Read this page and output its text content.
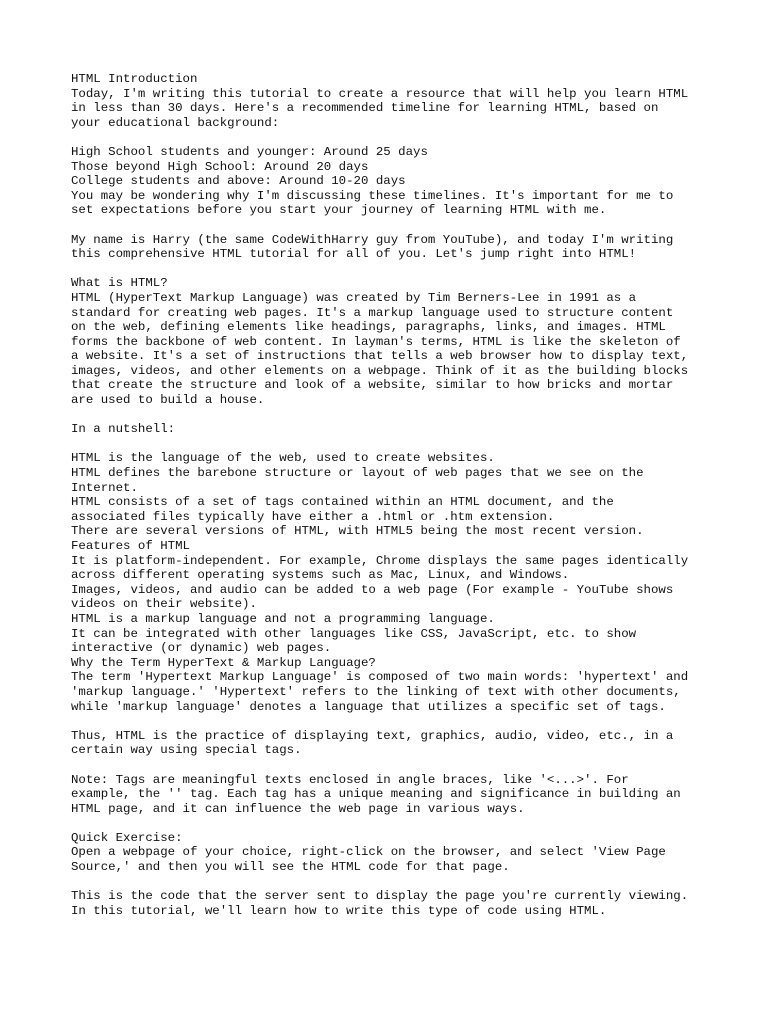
HTML Introduction
Today, I'm writing this tutorial to create a resource that will help you learn HTML
in less than 30 days. Here's a recommended timeline for learning HTML, based on
your educational background:
High School students and younger: Around 25 days
Those beyond High School: Around 20 days
College students and above: Around 10-20 days
You may be wondering why I'm discussing these timelines. It's important for me to
set expectations before you start your journey of learning HTML with me.
My name is Harry (the same CodeWithHarry guy from YouTube), and today I'm writing
this comprehensive HTML tutorial for all of you. Let's jump right into HTML!
What is HTML?
HTML (HyperText Markup Language) was created by Tim Berners-Lee in 1991 as a
standard for creating web pages. It's a markup language used to structure content
on the web, defining elements like headings, paragraphs, links, and images. HTML
forms the backbone of web content. In layman's terms, HTML is like the skeleton of
a website. It's a set of instructions that tells a web browser how to display text,
images, videos, and other elements on a webpage. Think of it as the building blocks
that create the structure and look of a website, similar to how bricks and mortar
are used to build a house.
In a nutshell:
HTML is the language of the web, used to create websites.
HTML defines the barebone structure or layout of web pages that we see on the
Internet.
HTML consists of a set of tags contained within an HTML document, and the
associated files typically have either a .html or .htm extension.
There are several versions of HTML, with HTML5 being the most recent version.
Features of HTML
It is platform-independent. For example, Chrome displays the same pages identically
across different operating systems such as Mac, Linux, and Windows.
Images, videos, and audio can be added to a web page (For example - YouTube shows
videos on their website).
HTML is a markup language and not a programming language.
It can be integrated with other languages like CSS, JavaScript, etc. to show
interactive (or dynamic) web pages.
Why the Term HyperText & Markup Language?
The term 'Hypertext Markup Language' is composed of two main words: 'hypertext' and
'markup language.' 'Hypertext' refers to the linking of text with other documents,
while 'markup language' denotes a language that utilizes a specific set of tags.
Thus, HTML is the practice of displaying text, graphics, audio, video, etc., in a
certain way using special tags.
Note: Tags are meaningful texts enclosed in angle braces, like '<...>'. For
example, the '' tag. Each tag has a unique meaning and significance in building an
HTML page, and it can influence the web page in various ways.
Quick Exercise:
Open a webpage of your choice, right-click on the browser, and select 'View Page
Source,' and then you will see the HTML code for that page.
This is the code that the server sent to display the page you're currently viewing.
In this tutorial, we'll learn how to write this type of code using HTML.
